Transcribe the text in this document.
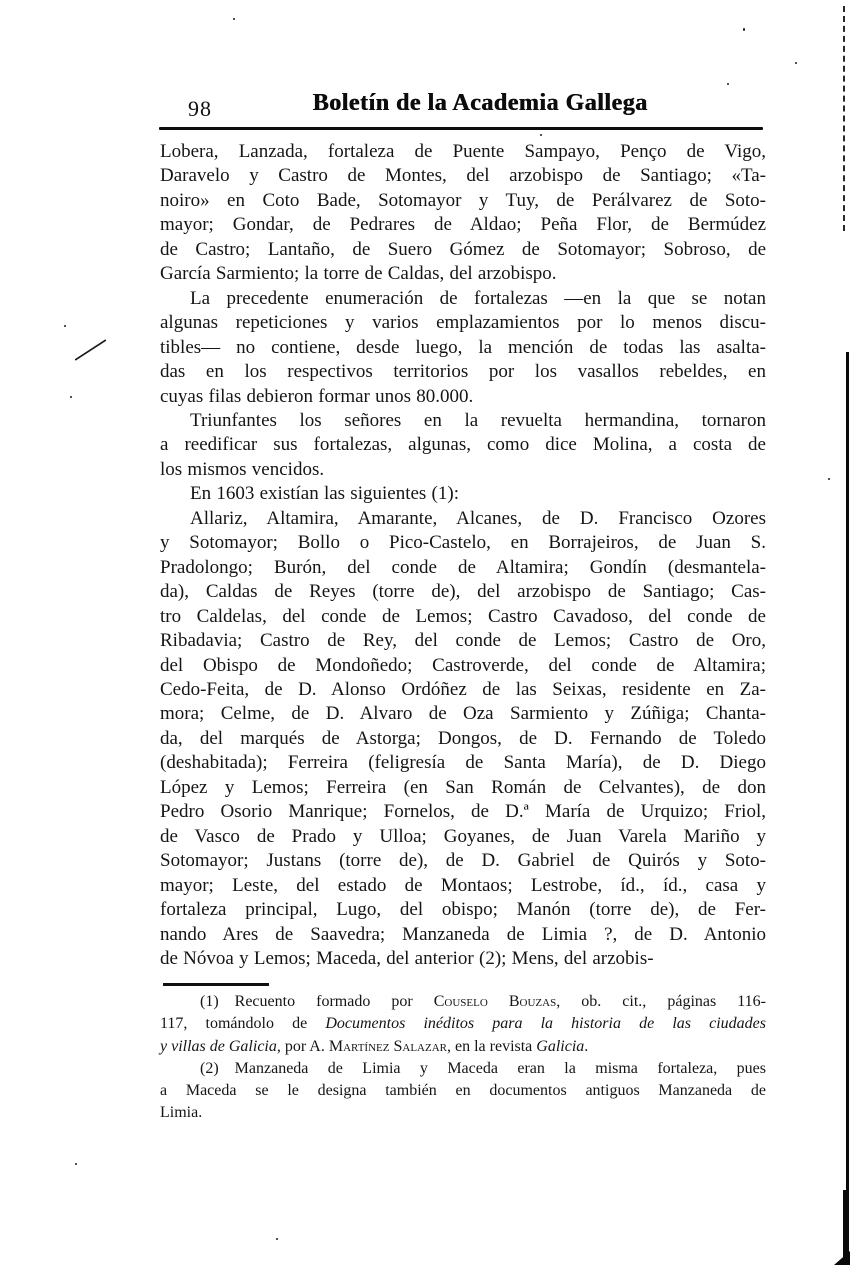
98	Boletín de la Academia Gallega
Lobera, Lanzada, fortaleza de Puente Sampayo, Penço de Vigo,
Daravelo y Castro de Montes, del arzobispo de Santiago; «Ta-
noiro» en Coto Bade, Sotomayor y Tuy, de Perálvarez de Soto-
mayor; Gondar, de Pedrares de Aldao; Peña Flor, de Bermúdez
de Castro; Lantaño, de Suero Gómez de Sotomayor; Sobroso, de
García Sarmiento; la torre de Caldas, del arzobispo.
La precedente enumeración de fortalezas —en la que se notan
algunas repeticiones y varios emplazamientos por lo menos discu-
tibles— no contiene, desde luego, la mención de todas las asalta-
das en los respectivos territorios por los vasallos rebeldes, en
cuyas filas debieron formar unos 80.000.
Triunfantes los señores en la revuelta hermandina, tornaron
a reedificar sus fortalezas, algunas, como dice Molina, a costa de
los mismos vencidos.
En 1603 existían las siguientes (1):
Allariz, Altamira, Amarante, Alcanes, de D. Francisco Ozores
y Sotomayor; Bollo o Pico-Castelo, en Borrajeiros, de Juan S.
Pradolongo; Burón, del conde de Altamira; Gondín (desmantela-
da), Caldas de Reyes (torre de), del arzobispo de Santiago; Cas-
tro Caldelas, del conde de Lemos; Castro Cavadoso, del conde de
Ribadavia; Castro de Rey, del conde de Lemos; Castro de Oro,
del Obispo de Mondoñedo; Castroverde, del conde de Altamira;
Cedo-Feita, de D. Alonso Ordóñez de las Seixas, residente en Za-
mora; Celme, de D. Alvaro de Oza Sarmiento y Zúñiga; Chanta-
da, del marqués de Astorga; Dongos, de D. Fernando de Toledo
(deshabitada); Ferreira (feligresía de Santa María), de D. Diego
López y Lemos; Ferreira (en San Román de Celvantes), de don
Pedro Osorio Manrique; Fornelos, de D.ª María de Urquizo; Friol,
de Vasco de Prado y Ulloa; Goyanes, de Juan Varela Mariño y
Sotomayor; Justans (torre de), de D. Gabriel de Quirós y Soto-
mayor; Leste, del estado de Montaos; Lestrobe, íd., íd., casa y
fortaleza principal, Lugo, del obispo; Manón (torre de), de Fer-
nando Ares de Saavedra; Manzaneda de Limia ?, de D. Antonio
de Nóvoa y Lemos; Maceda, del anterior (2); Mens, del arzobis-
(1) Recuento formado por Couselo Bouzas, ob. cit., páginas 116-
117, tomándolo de Documentos inéditos para la historia de las ciudades
y villas de Galicia, por A. Martínez Salazar, en la revista Galicia.
(2) Manzaneda de Limia y Maceda eran la misma fortaleza, pues
a Maceda se le designa también en documentos antiguos Manzaneda de
Limia.
